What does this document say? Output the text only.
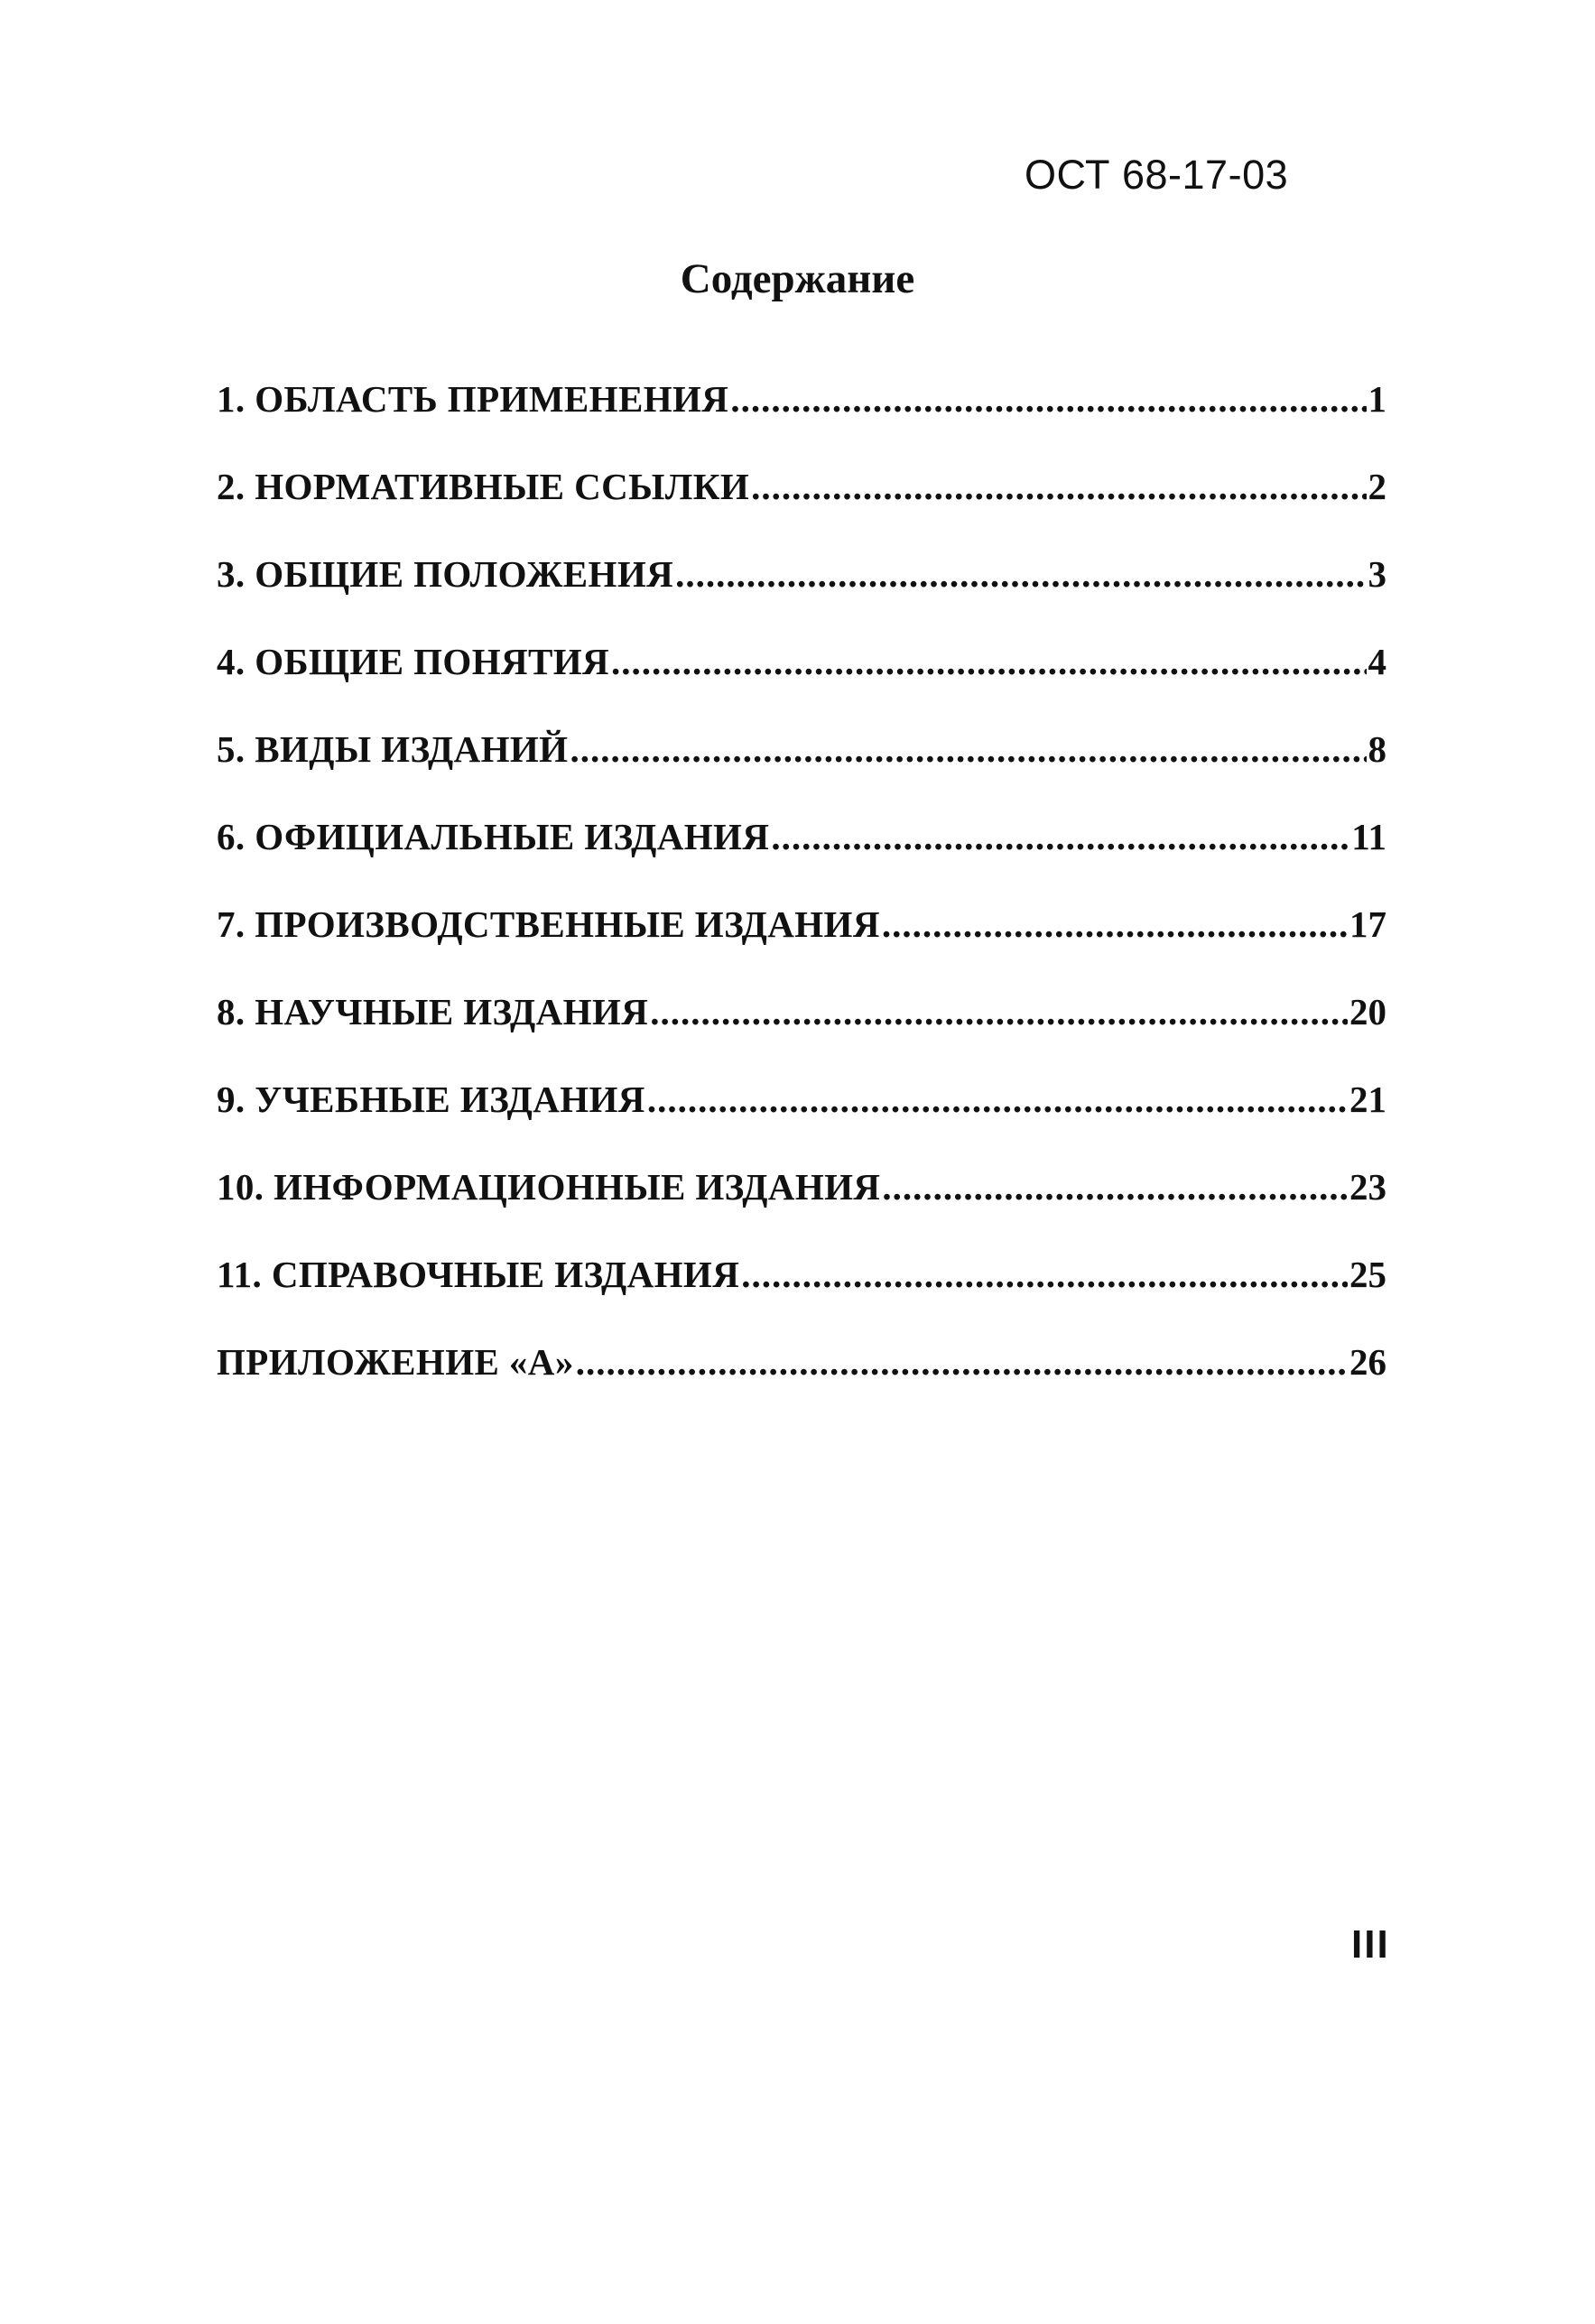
ОСТ 68-17-03
Содержание
1. ОБЛАСТЬ ПРИМЕНЕНИЯ .....	1
2. НОРМАТИВНЫЕ ССЫЛКИ .....	2
3. ОБЩИЕ ПОЛОЖЕНИЯ .....	3
4. ОБЩИЕ ПОНЯТИЯ .....	4
5. ВИДЫ ИЗДАНИЙ .....	8
6. ОФИЦИАЛЬНЫЕ ИЗДАНИЯ .....	11
7. ПРОИЗВОДСТВЕННЫЕ ИЗДАНИЯ .....	17
8. НАУЧНЫЕ ИЗДАНИЯ .....	20
9. УЧЕБНЫЕ ИЗДАНИЯ .....	21
10. ИНФОРМАЦИОННЫЕ ИЗДАНИЯ .....	23
11. СПРАВОЧНЫЕ ИЗДАНИЯ .....	25
ПРИЛОЖЕНИЕ «А» .....	26
III
